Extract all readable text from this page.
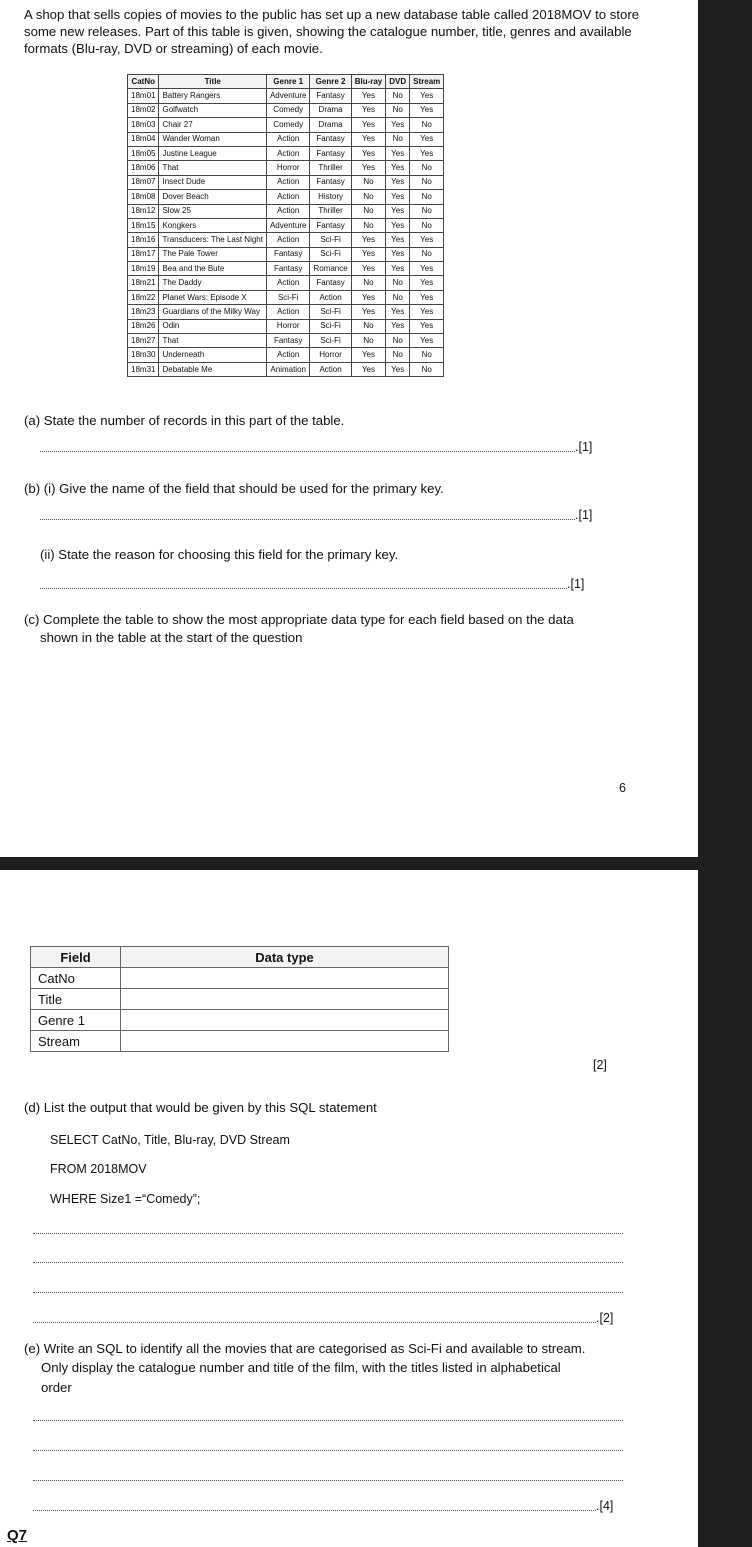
A shop that sells copies of movies to the public has set up a new database table called 2018MOV to store some new releases. Part of this table is given, showing the catalogue number, title, genres and available formats (Blu-ray, DVD or streaming) of each movie.
CatNo	Title	Genre 1	Genre 2	Blu-ray	DVD	Stream
18m01	Battery Rangers	Adventure	Fantasy	Yes	No	Yes
18m02	Golfwatch	Comedy	Drama	Yes	No	Yes
18m03	Chair 27	Comedy	Drama	Yes	Yes	No
18m04	Wander Woman	Action	Fantasy	Yes	No	Yes
18m05	Justine League	Action	Fantasy	Yes	Yes	Yes
18m06	That	Horror	Thriller	Yes	Yes	No
18m07	Insect Dude	Action	Fantasy	No	Yes	No
18m08	Dover Beach	Action	History	No	Yes	No
18m12	Slow 25	Action	Thriller	No	Yes	No
18m15	Kongkers	Adventure	Fantasy	No	Yes	No
18m16	Transducers: The Last Night	Action	Sci-Fi	Yes	Yes	Yes
18m17	The Pale Tower	Fantasy	Sci-Fi	Yes	Yes	No
18m19	Bea and the Bute	Fantasy	Romance	Yes	Yes	Yes
18m21	The Daddy	Action	Fantasy	No	No	Yes
18m22	Planet Wars: Episode X	Sci-Fi	Action	Yes	No	Yes
18m23	Guardians of the Milky Way	Action	Sci-Fi	Yes	Yes	Yes
18m26	Odin	Horror	Sci-Fi	No	Yes	Yes
18m27	That	Fantasy	Sci-Fi	No	No	Yes
18m30	Underneath	Action	Horror	Yes	No	No
18m31	Debatable Me	Animation	Action	Yes	Yes	No
(a) State the number of records in this part of the table.
.[1]
(b) (i) Give the name of the field that should be used for the primary key.
.[1]
(ii) State the reason for choosing this field for the primary key.
.[1]
(c) Complete the table to show the most appropriate data type for each field based on the data
shown in the table at the start of the question
6
Field	Data type
CatNo	
Title	
Genre 1	
Stream	
[2]
(d) List the output that would be given by this SQL statement
SELECT CatNo, Title, Blu-ray, DVD Stream
FROM 2018MOV
WHERE Size1 =“Comedy”;
.[2]
(e) Write an SQL to identify all the movies that are categorised as Sci-Fi and available to stream.
Only display the catalogue number and title of the film, with the titles listed in alphabetical
order
.[4]
Q7
